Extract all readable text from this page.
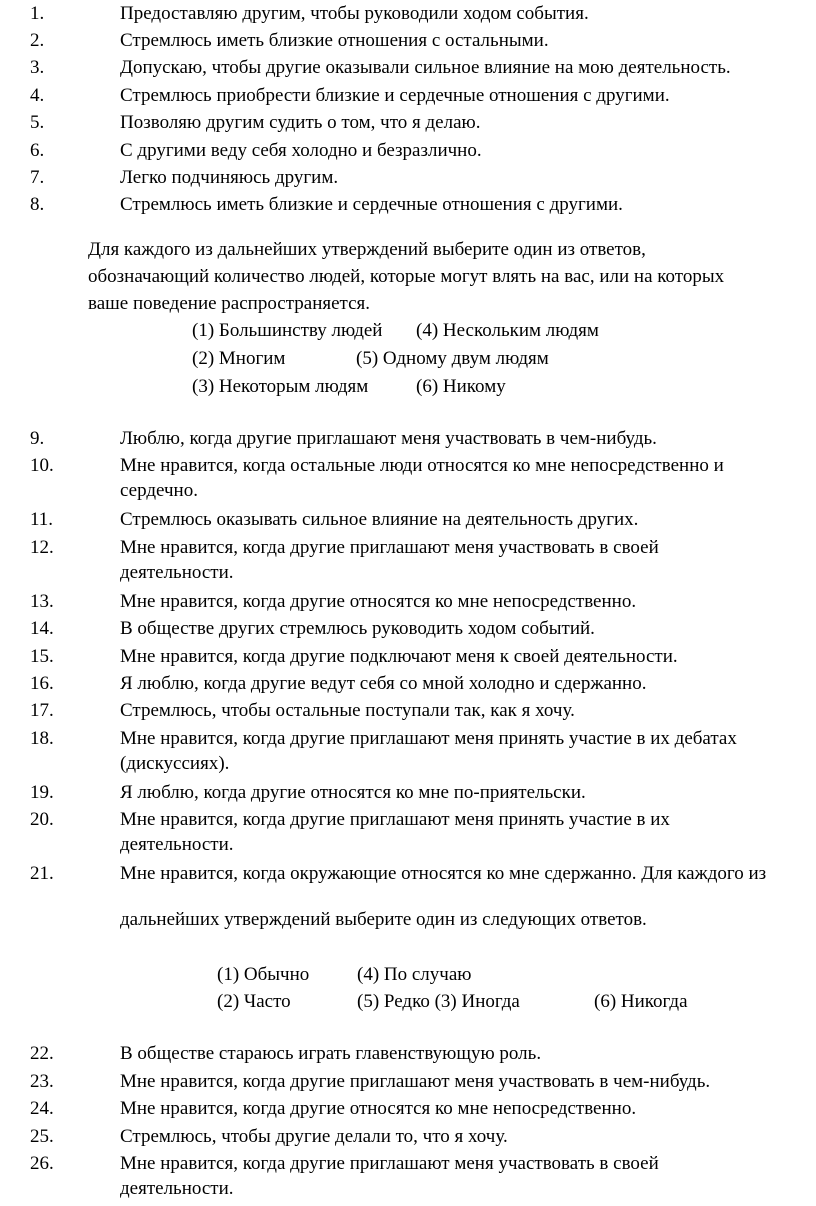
1.	Предоставляю другим, чтобы руководили ходом события.
2.	Стремлюсь иметь близкие отношения с остальными.
3.	Допускаю, чтобы другие оказывали сильное влияние на мою деятельность.
4.	Стремлюсь приобрести близкие и сердечные отношения с другими.
5.	Позволяю другим судить о том, что я делаю.
6.	С другими веду себя холодно и безразлично.
7.	Легко подчиняюсь другим.
8.	Стремлюсь иметь близкие и сердечные отношения с другими.
Для каждого из дальнейших утверждений выберите один из ответов,
обозначающий количество людей, которые могут влять на вас, или на которых
ваше поведение распространяется.
(1) Большинству людей (4) Нескольким людям
(2) Многим	(5) Одному двум людям
(3) Некоторым людям	(6) Никому
9.	Люблю, когда другие приглашают меня участвовать в чем-нибудь.
10.	Мне нравится, когда остальные люди относятся ко мне непосредственно и
сердечно.
11.	Стремлюсь оказывать сильное влияние на деятельность других.
12.	Мне нравится, когда другие приглашают меня участвовать в своей
деятельности.
13.	Мне нравится, когда другие относятся ко мне непосредственно.
14.	В обществе других стремлюсь руководить ходом событий.
15.	Мне нравится, когда другие подключают меня к своей деятельности.
16.	Я люблю, когда другие ведут себя со мной холодно и сдержанно.
17.	Стремлюсь, чтобы остальные поступали так, как я хочу.
18.	Мне нравится, когда другие приглашают меня принять участие в их дебатах
(дискуссиях).
19.	Я люблю, когда другие относятся ко мне по-приятельски.
20.	Мне нравится, когда другие приглашают меня принять участие в их
деятельности.
21.	Мне нравится, когда окружающие относятся ко мне сдержанно. Для каждого из
дальнейших утверждений выберите один из следующих ответов.
(1) Обычно	(4) По случаю
(2) Часто	(5) Редко (3) Иногда	(6) Никогда
22.	В обществе стараюсь играть главенствующую роль.
23.	Мне нравится, когда другие приглашают меня участвовать в чем-нибудь.
24.	Мне нравится, когда другие относятся ко мне непосредственно.
25.	Стремлюсь, чтобы другие делали то, что я хочу.
26.	Мне нравится, когда другие приглашают меня участвовать в своей
деятельности.
